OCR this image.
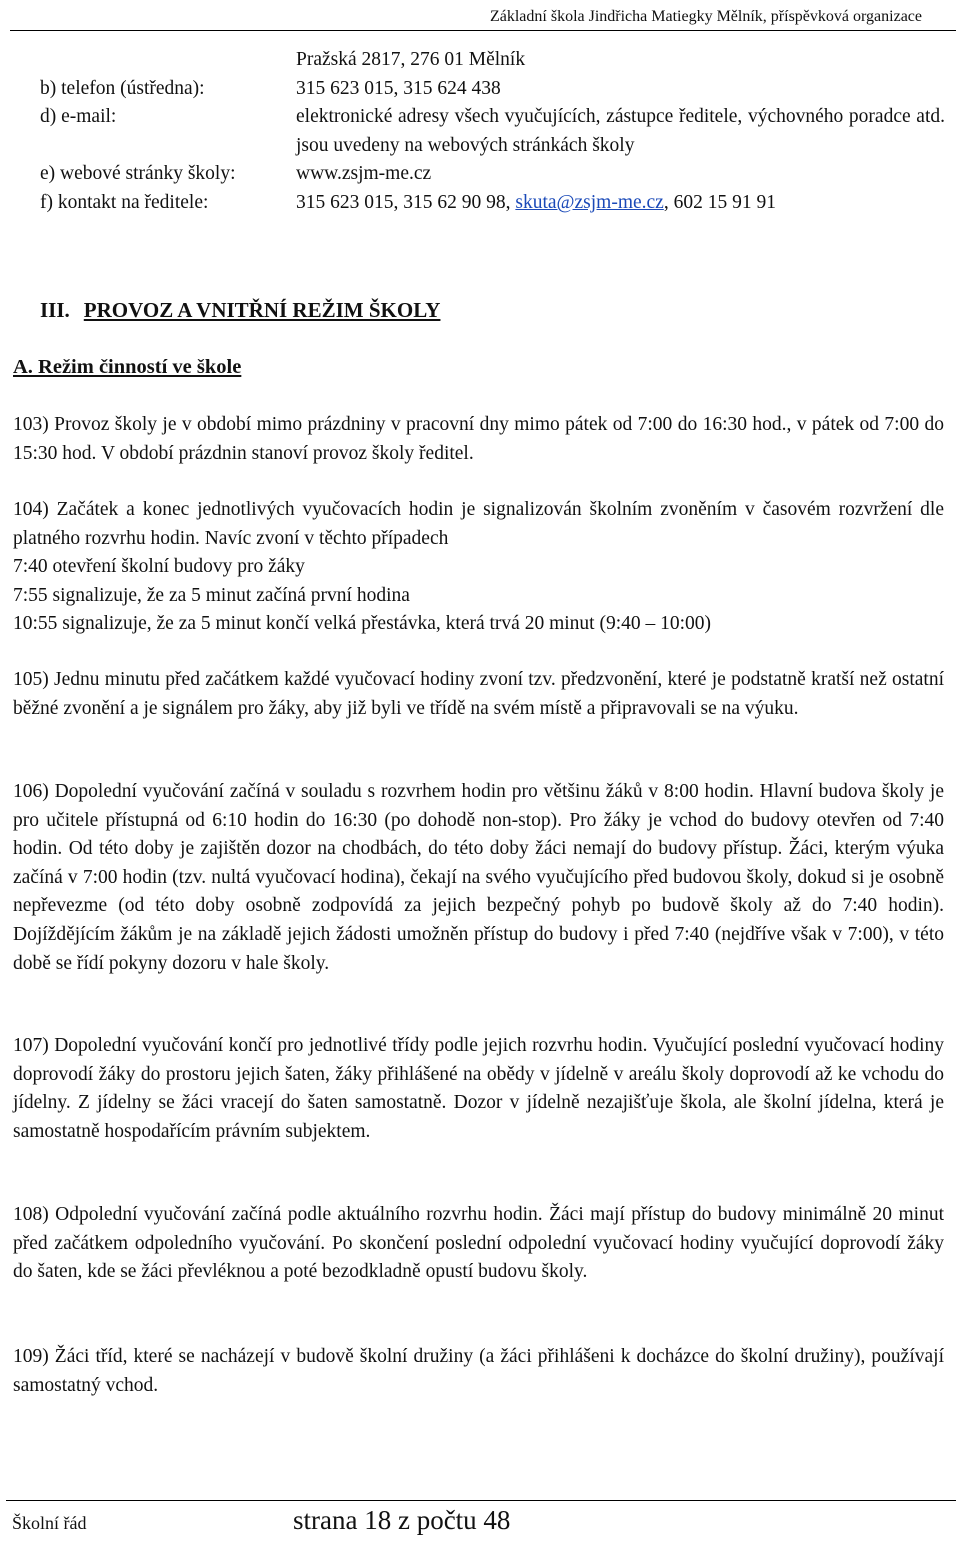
Základní škola Jindřicha Matiegky Mělník, příspěvková organizace
Pražská 2817, 276 01 Mělník
b) telefon (ústředna):	315 623 015, 315 624 438
d) e-mail:	elektronické adresy všech vyučujících, zástupce ředitele, výchovného poradce atd. jsou uvedeny na webových stránkách školy
e) webové stránky školy:	www.zsjm-me.cz
f) kontakt na ředitele:	315 623 015, 315 62 90 98, skuta@zsjm-me.cz, 602 15 91 91
III. PROVOZ A VNITŘNÍ REŽIM ŠKOLY
A. Režim činností ve škole
103) Provoz školy je v období mimo prázdniny v pracovní dny mimo pátek od 7:00 do 16:30 hod., v pátek od 7:00 do 15:30 hod. V období prázdnin stanoví provoz školy ředitel.
104) Začátek a konec jednotlivých vyučovacích hodin je signalizován školním zvoněním v časovém rozvržení dle platného rozvrhu hodin. Navíc zvoní v těchto případech
7:40 otevření školní budovy pro žáky
7:55 signalizuje, že za 5 minut začíná první hodina
10:55 signalizuje, že za 5 minut končí velká přestávka, která trvá 20 minut (9:40 – 10:00)
105) Jednu minutu před začátkem každé vyučovací hodiny zvoní tzv. předzvonění, které je podstatně kratší než ostatní běžné zvonění a je signálem pro žáky, aby již byli ve třídě na svém místě a připravovali se na výuku.
106) Dopolední vyučování začíná v souladu s rozvrhem hodin pro většinu žáků v 8:00 hodin. Hlavní budova školy je pro učitele přístupná od 6:10 hodin do 16:30 (po dohodě non-stop). Pro žáky je vchod do budovy otevřen od 7:40 hodin. Od této doby je zajištěn dozor na chodbách, do této doby žáci nemají do budovy přístup. Žáci, kterým výuka začíná v 7:00 hodin (tzv. nultá vyučovací hodina), čekají na svého vyučujícího před budovou školy, dokud si je osobně nepřevezme (od této doby osobně zodpovídá za jejich bezpečný pohyb po budově školy až do 7:40 hodin). Dojíždějícím žákům je na základě jejich žádosti umožněn přístup do budovy i před 7:40 (nejdříve však v 7:00), v této době se řídí pokyny dozoru v hale školy.
107) Dopolední vyučování končí pro jednotlivé třídy podle jejich rozvrhu hodin. Vyučující poslední vyučovací hodiny doprovodí žáky do prostoru jejich šaten, žáky přihlášené na obědy v jídelně v areálu školy doprovodí až ke vchodu do jídelny. Z jídelny se žáci vracejí do šaten samostatně. Dozor v jídelně nezajišťuje škola, ale školní jídelna, která je samostatně hospodařícím právním subjektem.
108) Odpolední vyučování začíná podle aktuálního rozvrhu hodin. Žáci mají přístup do budovy minimálně 20 minut před začátkem odpoledního vyučování. Po skončení poslední odpolední vyučovací hodiny vyučující doprovodí žáky do šaten, kde se žáci převléknou a poté bezodkladně opustí budovu školy.
109) Žáci tříd, které se nacházejí v budově školní družiny (a žáci přihlášeni k docházce do školní družiny), používají samostatný vchod.
Školní řád	strana 18 z počtu 48
